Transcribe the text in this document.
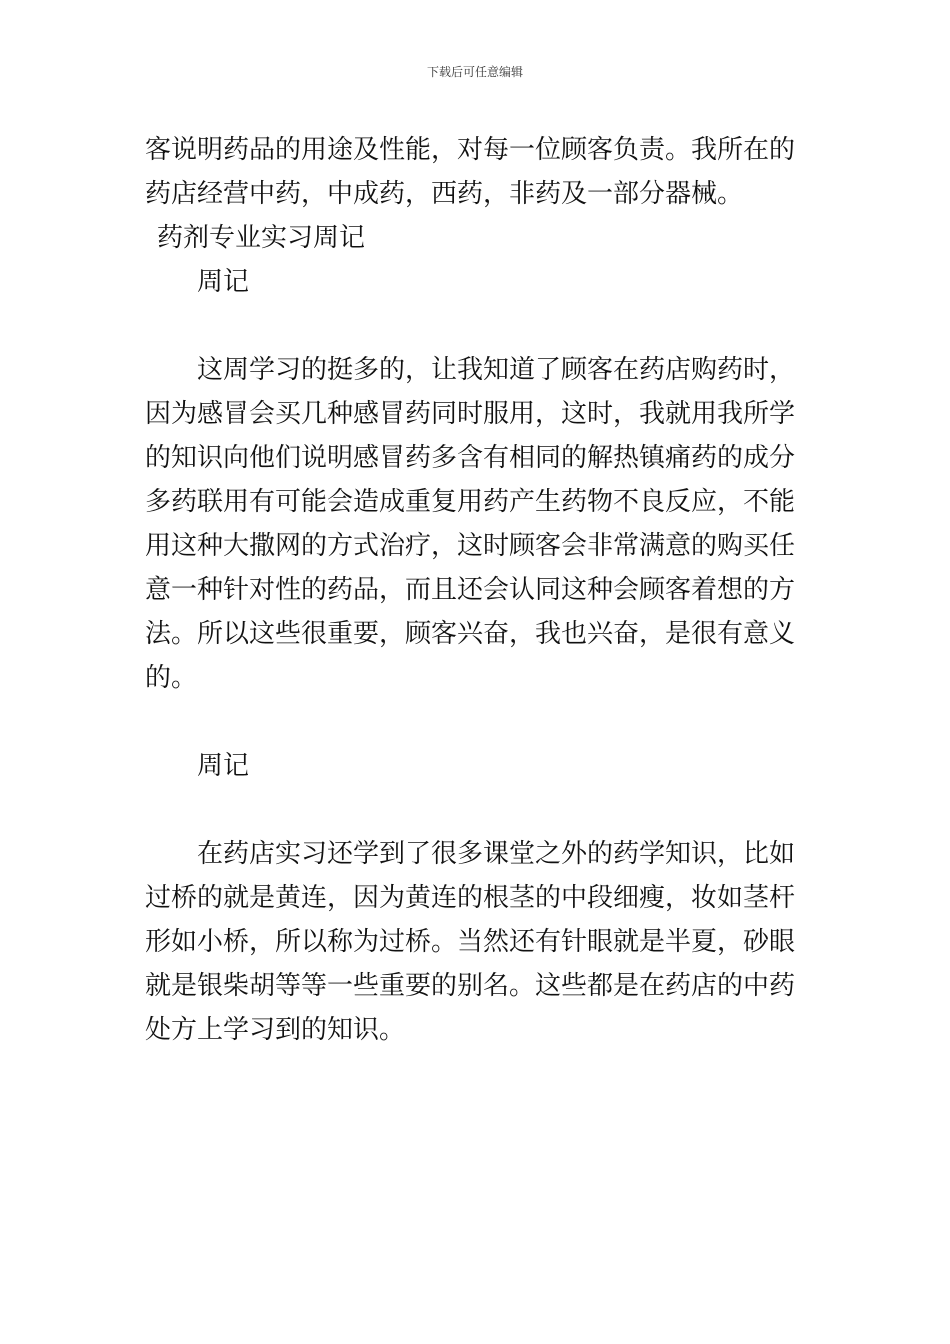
下载后可任意编辑

客说明药品的用途及性能，对每一位顾客负责。我所在的药店经营中药，中成药，西药，非药及一部分器械。

药剂专业实习周记

周记

这周学习的挺多的，让我知道了顾客在药店购药时，因为感冒会买几种感冒药同时服用，这时，我就用我所学的知识向他们说明感冒药多含有相同的解热镇痛药的成分多药联用有可能会造成重复用药产生药物不良反应，不能用这种大撒网的方式治疗，这时顾客会非常满意的购买任意一种针对性的药品，而且还会认同这种会顾客着想的方法。所以这些很重要，顾客兴奋，我也兴奋，是很有意义的。

周记

在药店实习还学到了很多课堂之外的药学知识，比如过桥的就是黄连，因为黄连的根茎的中段细瘦，妆如茎杆形如小桥，所以称为过桥。当然还有针眼就是半夏，砂眼就是银柴胡等等一些重要的别名。这些都是在药店的中药处方上学习到的知识。
